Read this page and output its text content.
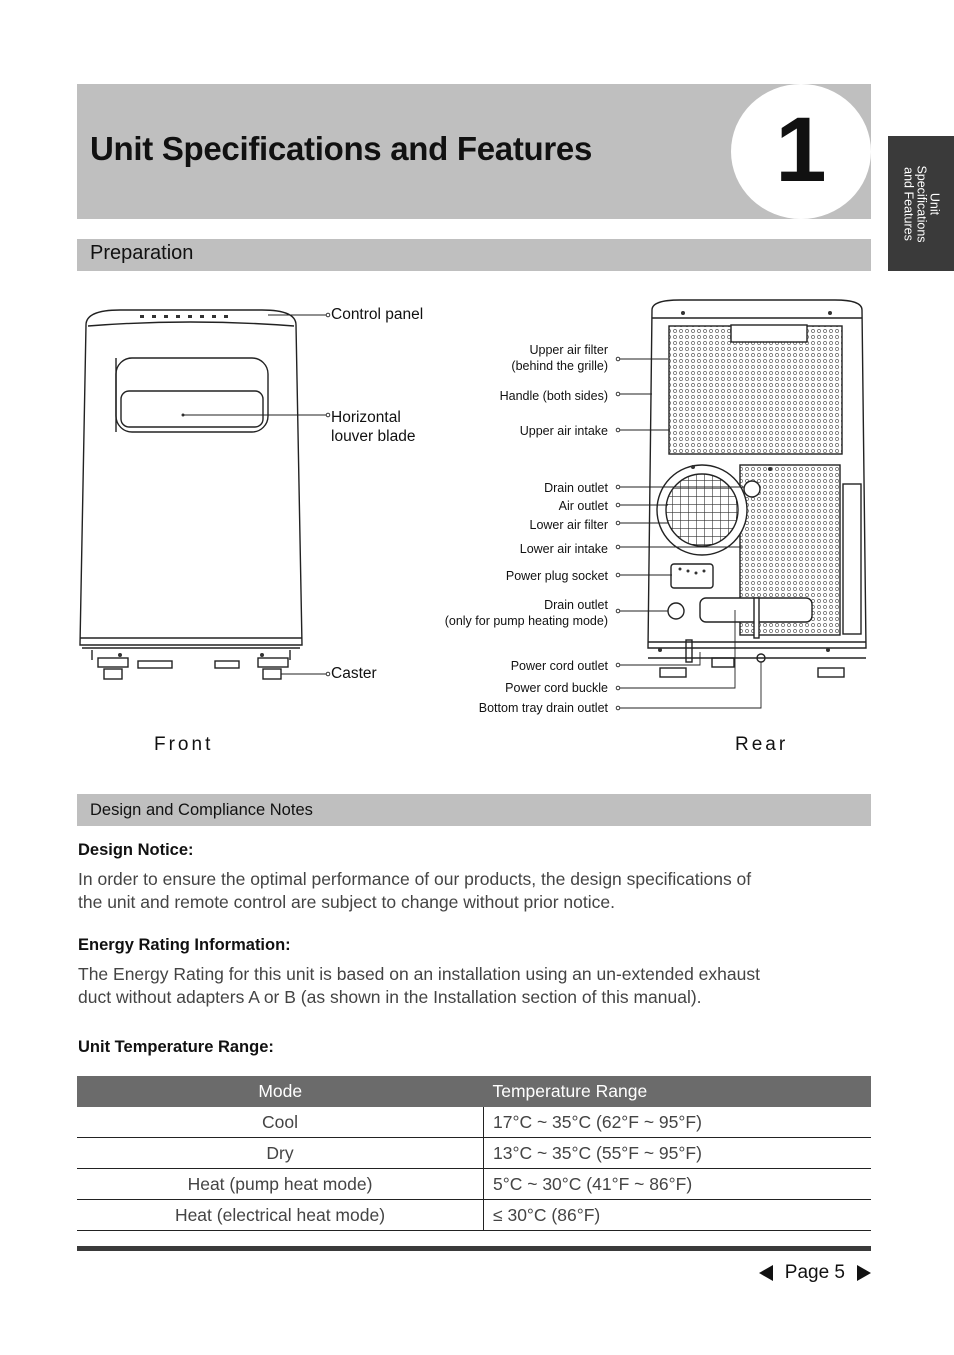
Unit Specifications and Features	1
Unit
Specifications
and Features
Preparation
Control panel
Horizontal
louver blade
Caster
Front
Upper air filter
(behind the grille)
Handle (both sides)
Upper air intake
Drain outlet
Air outlet
Lower air filter
Lower air intake
Power plug socket
Drain outlet
(only for pump heating mode)
Power cord outlet
Power cord buckle
Bottom tray drain outlet
Rear
Design and Compliance Notes
Design Notice:
In order to ensure the optimal performance of our products, the design specifications of
the unit and remote control are subject to change without prior notice.
Energy Rating Information:
The Energy Rating for this unit is based on an installation using an un-extended exhaust
duct without adapters A or B (as shown in the Installation section of this manual).
Unit Temperature Range:
Mode	Temperature Range
Cool	17°C ~ 35°C (62°F ~ 95°F)
Dry	13°C ~ 35°C (55°F ~ 95°F)
Heat (pump heat mode)	5°C ~ 30°C (41°F ~ 86°F)
Heat (electrical heat mode)	≤ 30°C (86°F)
Page 5
